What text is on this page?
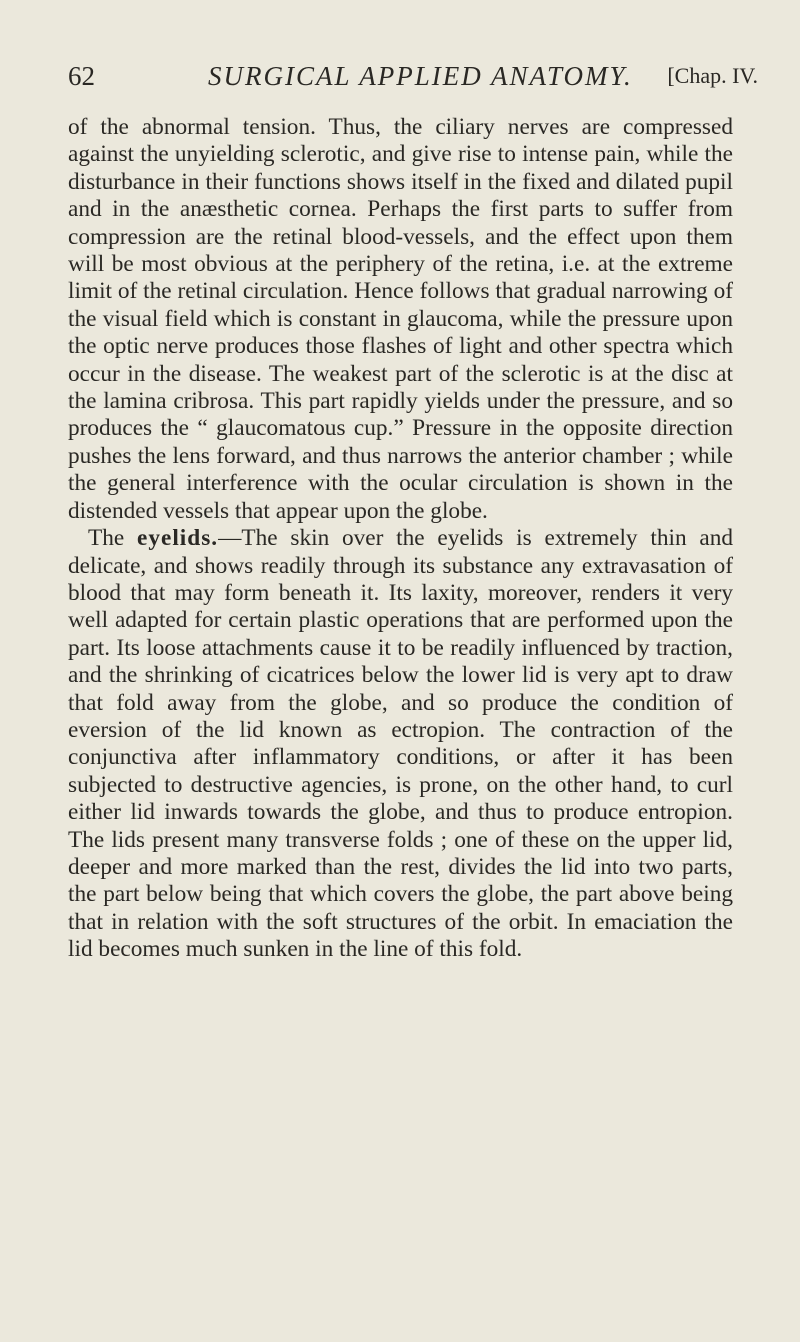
62	SURGICAL APPLIED ANATOMY. [Chap. IV.

of the abnormal tension. Thus, the ciliary nerves are compressed against the unyielding sclerotic, and give rise to intense pain, while the disturbance in their functions shows itself in the fixed and dilated pupil and in the anæsthetic cornea. Perhaps the first parts to suffer from compression are the retinal blood-vessels, and the effect upon them will be most obvious at the periphery of the retina, i.e. at the extreme limit of the retinal circulation. Hence follows that gradual narrowing of the visual field which is constant in glaucoma, while the pressure upon the optic nerve produces those flashes of light and other spectra which occur in the disease. The weakest part of the sclerotic is at the disc at the lamina cribrosa. This part rapidly yields under the pressure, and so produces the “ glaucomatous cup.” Pressure in the opposite direction pushes the lens forward, and thus narrows the anterior chamber ; while the general interference with the ocular circulation is shown in the distended vessels that appear upon the globe.

The eyelids.—The skin over the eyelids is extremely thin and delicate, and shows readily through its substance any extravasation of blood that may form beneath it. Its laxity, moreover, renders it very well adapted for certain plastic operations that are performed upon the part. Its loose attachments cause it to be readily influenced by traction, and the shrinking of cicatrices below the lower lid is very apt to draw that fold away from the globe, and so produce the condition of eversion of the lid known as ectropion. The contraction of the conjunctiva after inflammatory conditions, or after it has been subjected to destructive agencies, is prone, on the other hand, to curl either lid inwards towards the globe, and thus to produce entropion. The lids present many transverse folds ; one of these on the upper lid, deeper and more marked than the rest, divides the lid into two parts, the part below being that which covers the globe, the part above being that in relation with the soft structures of the orbit. In emaciation the lid becomes much sunken in the line of this fold.
